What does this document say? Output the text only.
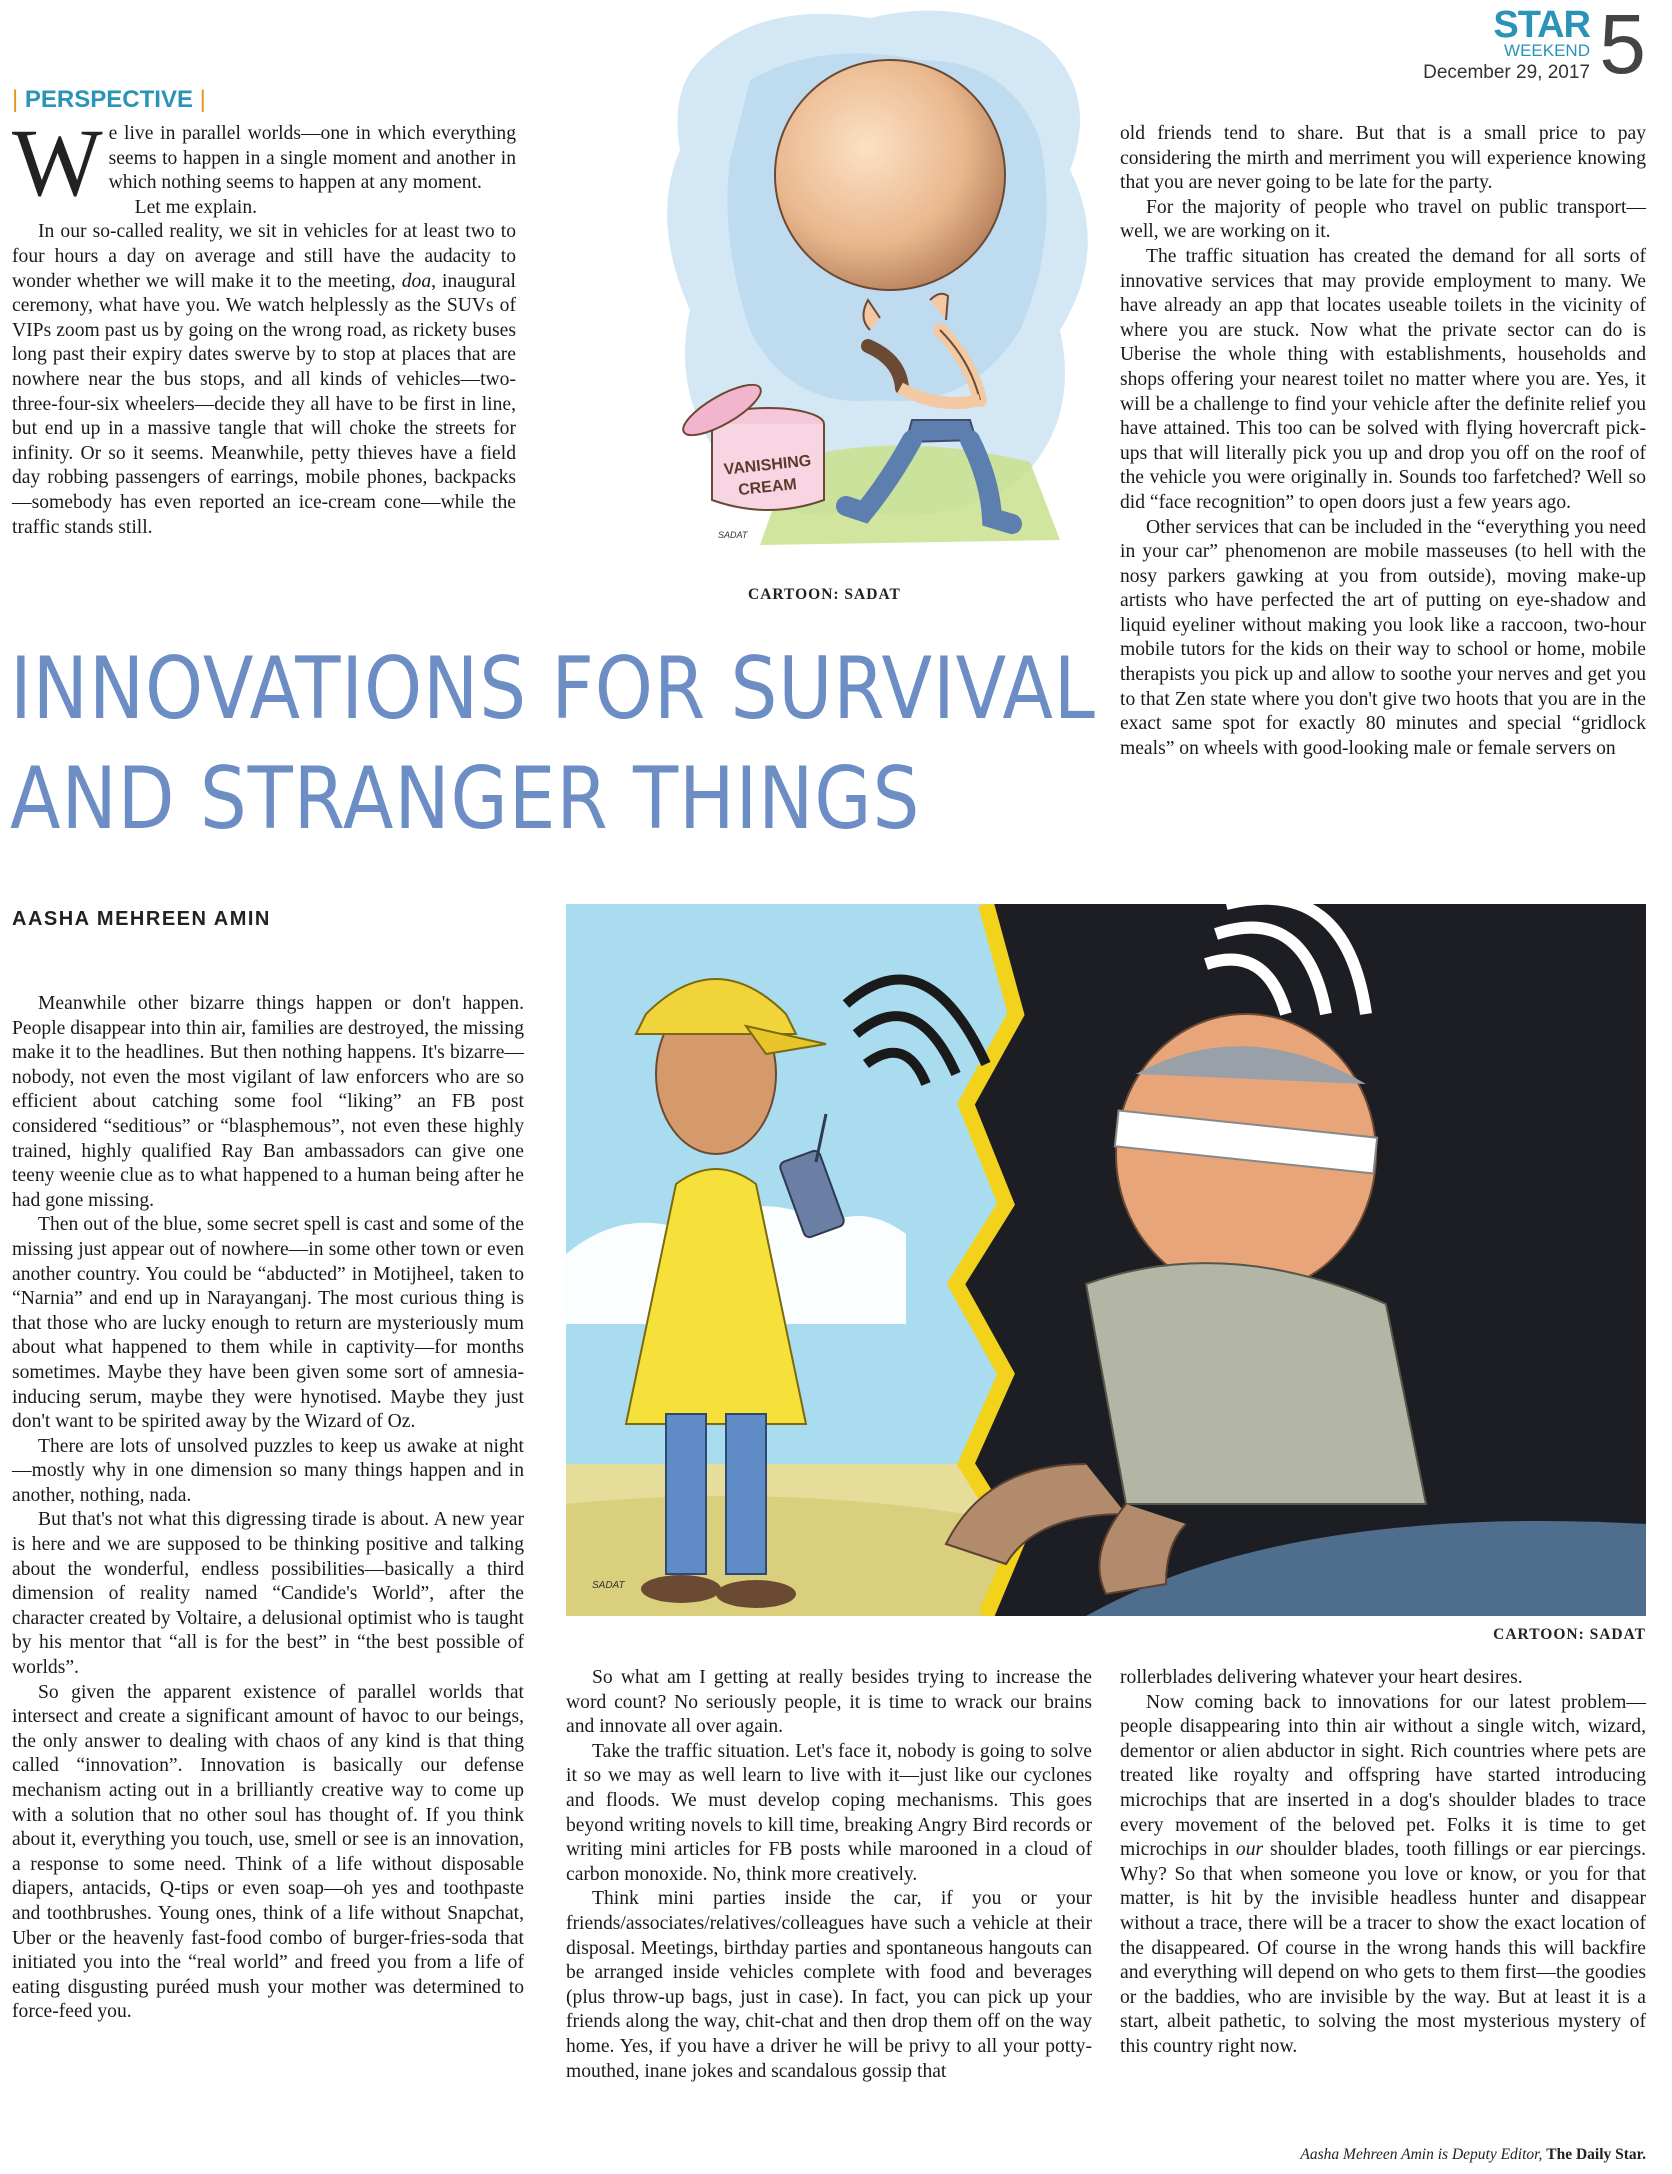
STAR
WEEKEND 5
December 29, 2017
| PERSPECTIVE |

We live in parallel worlds—one in which everything seems to happen in a single moment and another in which nothing seems to happen at any moment.

Let me explain.

In our so-called reality, we sit in vehicles for at least two to four hours a day on average and still have the audacity to wonder whether we will make it to the meeting, doa, inaugural ceremony, what have you. We watch helplessly as the SUVs of VIPs zoom past us by going on the wrong road, as rickety buses long past their expiry dates swerve by to stop at places that are nowhere near the bus stops, and all kinds of vehicles—two-three-four-six wheelers—decide they all have to be first in line, but end up in a massive tangle that will choke the streets for infinity. Or so it seems. Meanwhile, petty thieves have a field day robbing passengers of earrings, mobile phones, backpacks—somebody has even reported an ice-cream cone—while the traffic stands still.

VANISHING
CREAM
SADAT
CARTOON: SADAT

old friends tend to share. But that is a small price to pay considering the mirth and merriment you will experience knowing that you are never going to be late for the party.

For the majority of people who travel on public transport—well, we are working on it.

The traffic situation has created the demand for all sorts of innovative services that may provide employment to many. We have already an app that locates useable toilets in the vicinity of where you are stuck. Now what the private sector can do is Uberise the whole thing with establishments, households and shops offering your nearest toilet no matter where you are. Yes, it will be a challenge to find your vehicle after the definite relief you have attained. This too can be solved with flying hovercraft pick-ups that will literally pick you up and drop you off on the roof of the vehicle you were originally in. Sounds too farfetched? Well so did “face recognition” to open doors just a few years ago.

Other services that can be included in the “everything you need in your car” phenomenon are mobile masseuses (to hell with the nosy parkers gawking at you from outside), moving make-up artists who have perfected the art of putting on eye-shadow and liquid eyeliner without making you look like a raccoon, two-hour mobile tutors for the kids on their way to school or home, mobile therapists you pick up and allow to soothe your nerves and get you to that Zen state where you don't give two hoots that you are in the exact same spot for exactly 80 minutes and special “gridlock meals” on wheels with good-looking male or female servers on

INNOVATIONS FOR SURVIVAL
AND STRANGER THINGS
AASHA MEHREEN AMIN

Meanwhile other bizarre things happen or don't happen. People disappear into thin air, families are destroyed, the missing make it to the headlines. But then nothing happens. It's bizarre—nobody, not even the most vigilant of law enforcers who are so efficient about catching some fool “liking” an FB post considered “seditious” or “blasphemous”, not even these highly trained, highly qualified Ray Ban ambassadors can give one teeny weenie clue as to what happened to a human being after he had gone missing.

Then out of the blue, some secret spell is cast and some of the missing just appear out of nowhere—in some other town or even another country. You could be “abducted” in Motijheel, taken to “Narnia” and end up in Narayanganj. The most curious thing is that those who are lucky enough to return are mysteriously mum about what happened to them while in captivity—for months sometimes. Maybe they have been given some sort of amnesia-inducing serum, maybe they were hynotised. Maybe they just don't want to be spirited away by the Wizard of Oz.

There are lots of unsolved puzzles to keep us awake at night—mostly why in one dimension so many things happen and in another, nothing, nada.

But that's not what this digressing tirade is about. A new year is here and we are supposed to be thinking positive and talking about the wonderful, endless possibilities—basically a third dimension of reality named “Candide's World”, after the character created by Voltaire, a delusional optimist who is taught by his mentor that “all is for the best” in “the best possible of worlds”.

So given the apparent existence of parallel worlds that intersect and create a significant amount of havoc to our beings, the only answer to dealing with chaos of any kind is that thing called “innovation”. Innovation is basically our defense mechanism acting out in a brilliantly creative way to come up with a solution that no other soul has thought of. If you think about it, everything you touch, use, smell or see is an innovation, a response to some need. Think of a life without disposable diapers, antacids, Q-tips or even soap—oh yes and toothpaste and toothbrushes. Young ones, think of a life without Snapchat, Uber or the heavenly fast-food combo of burger-fries-soda that initiated you into the “real world” and freed you from a life of eating disgusting puréed mush your mother was determined to force-feed you.

SADAT
CARTOON: SADAT

So what am I getting at really besides trying to increase the word count? No seriously people, it is time to wrack our brains and innovate all over again.

Take the traffic situation. Let's face it, nobody is going to solve it so we may as well learn to live with it—just like our cyclones and floods. We must develop coping mechanisms. This goes beyond writing novels to kill time, breaking Angry Bird records or writing mini articles for FB posts while marooned in a cloud of carbon monoxide. No, think more creatively.

Think mini parties inside the car, if you or your friends/associates/relatives/colleagues have such a vehicle at their disposal. Meetings, birthday parties and spontaneous hangouts can be arranged inside vehicles complete with food and beverages (plus throw-up bags, just in case). In fact, you can pick up your friends along the way, chit-chat and then drop them off on the way home. Yes, if you have a driver he will be privy to all your potty-mouthed, inane jokes and scandalous gossip that

rollerblades delivering whatever your heart desires.

Now coming back to innovations for our latest problem—people disappearing into thin air without a single witch, wizard, dementor or alien abductor in sight. Rich countries where pets are treated like royalty and offspring have started introducing microchips that are inserted in a dog's shoulder blades to trace every movement of the beloved pet. Folks it is time to get microchips in our shoulder blades, tooth fillings or ear piercings. Why? So that when someone you love or know, or you for that matter, is hit by the invisible headless hunter and disappear without a trace, there will be a tracer to show the exact location of the disappeared. Of course in the wrong hands this will backfire and everything will depend on who gets to them first—the goodies or the baddies, who are invisible by the way. But at least it is a start, albeit pathetic, to solving the most mysterious mystery of this country right now.

Aasha Mehreen Amin is Deputy Editor, The Daily Star.
